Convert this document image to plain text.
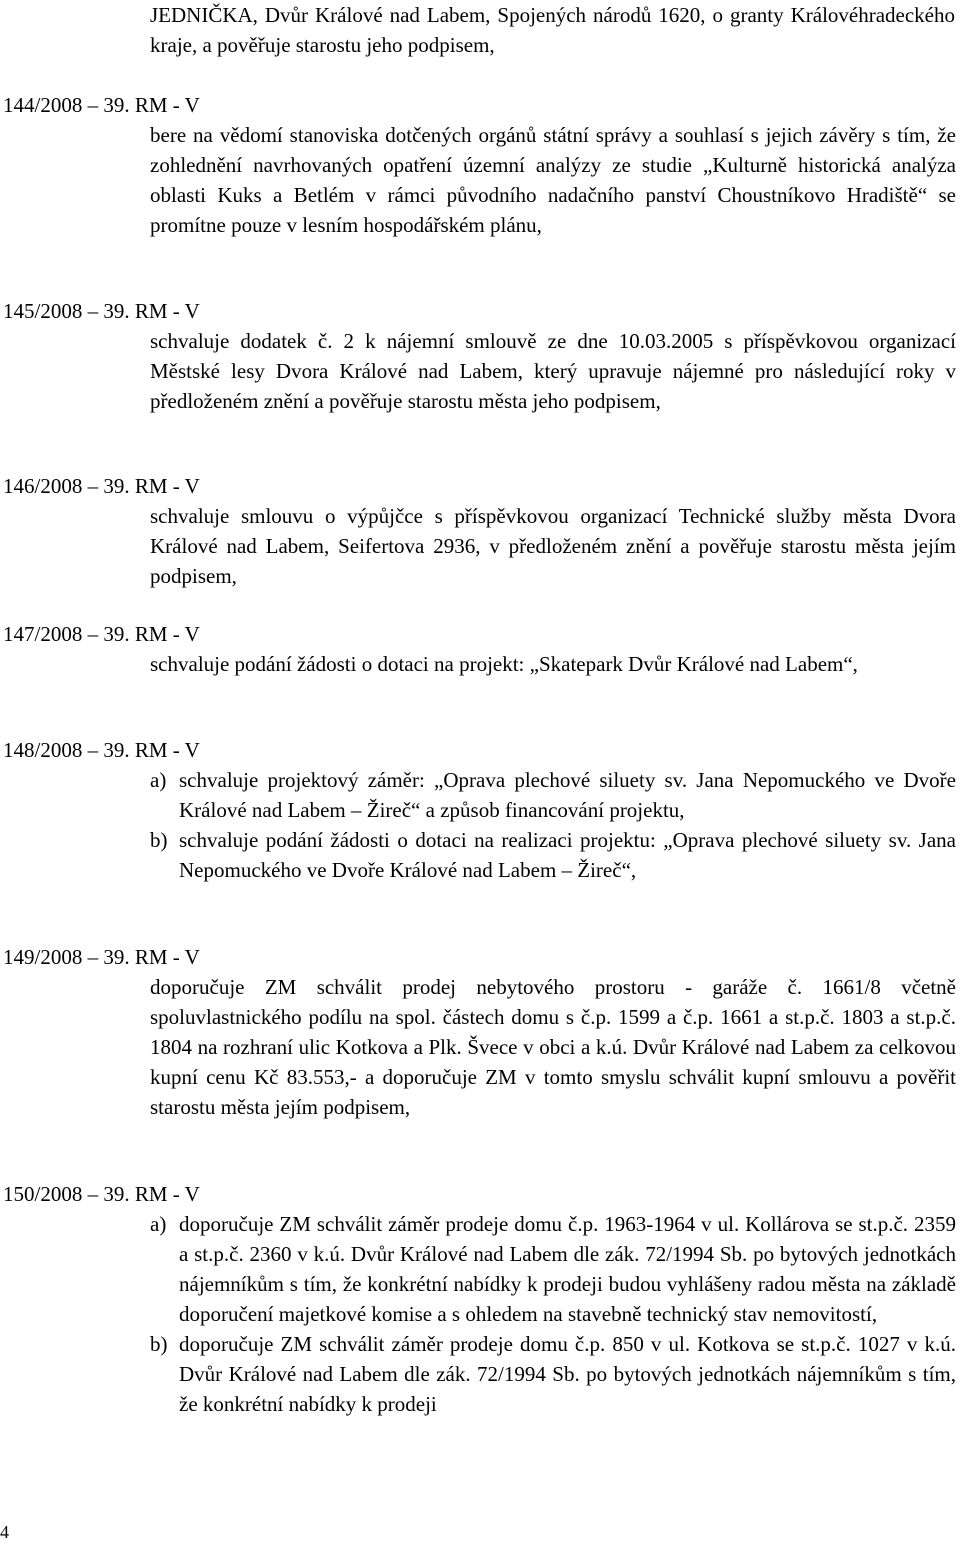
JEDNIČKA, Dvůr Králové nad Labem, Spojených národů 1620, o granty Královéhradeckého kraje, a pověřuje starostu jeho podpisem,
144/2008 – 39. RM - V

bere na vědomí stanoviska dotčených orgánů státní správy a souhlasí s jejich závěry s tím, že zohlednění navrhovaných opatření územní analýzy ze studie „Kulturně historická analýza oblasti Kuks a Betlém v rámci původního nadačního panství Choustníkovo Hradiště“ se promítne pouze v lesním hospodářském plánu,

145/2008 – 39. RM - V

schvaluje dodatek č. 2 k nájemní smlouvě ze dne 10.03.2005 s příspěvkovou organizací Městské lesy Dvora Králové nad Labem, který upravuje nájemné pro následující roky v předloženém znění a pověřuje starostu města jeho podpisem,

146/2008 – 39. RM - V

schvaluje smlouvu o výpůjčce s příspěvkovou organizací Technické služby města Dvora Králové nad Labem, Seifertova 2936, v předloženém znění a pověřuje starostu města jejím podpisem,

147/2008 – 39. RM - V

schvaluje podání žádosti o dotaci na projekt: „Skatepark Dvůr Králové nad Labem“,

148/2008 – 39. RM - V
a) schvaluje projektový záměr: „Oprava plechové siluety sv. Jana Nepomuckého ve Dvoře Králové nad Labem – Žireč“ a způsob financování projektu,
b) schvaluje podání žádosti o dotaci na realizaci projektu: „Oprava plechové siluety sv. Jana Nepomuckého ve Dvoře Králové nad Labem – Žireč“,
149/2008 – 39. RM - V

doporučuje ZM schválit prodej nebytového prostoru - garáže č. 1661/8 včetně spoluvlastnického podílu na spol. částech domu s č.p. 1599 a č.p. 1661 a st.p.č. 1803 a st.p.č. 1804 na rozhraní ulic Kotkova a Plk. Švece v obci a k.ú. Dvůr Králové nad Labem za celkovou kupní cenu Kč 83.553,- a doporučuje ZM v tomto smyslu schválit kupní smlouvu a pověřit starostu města jejím podpisem,

150/2008 – 39. RM - V
a) doporučuje ZM schválit záměr prodeje domu č.p. 1963-1964 v ul. Kollárova se st.p.č. 2359 a st.p.č. 2360 v k.ú. Dvůr Králové nad Labem dle zák. 72/1994 Sb. po bytových jednotkách nájemníkům s tím, že konkrétní nabídky k prodeji budou vyhlášeny radou města na základě doporučení majetkové komise a s ohledem na stavebně technický stav nemovitostí,
b) doporučuje ZM schválit záměr prodeje domu č.p. 850 v ul. Kotkova se st.p.č. 1027 v k.ú. Dvůr Králové nad Labem dle zák. 72/1994 Sb. po bytových jednotkách nájemníkům s tím, že konkrétní nabídky k prodeji
4
